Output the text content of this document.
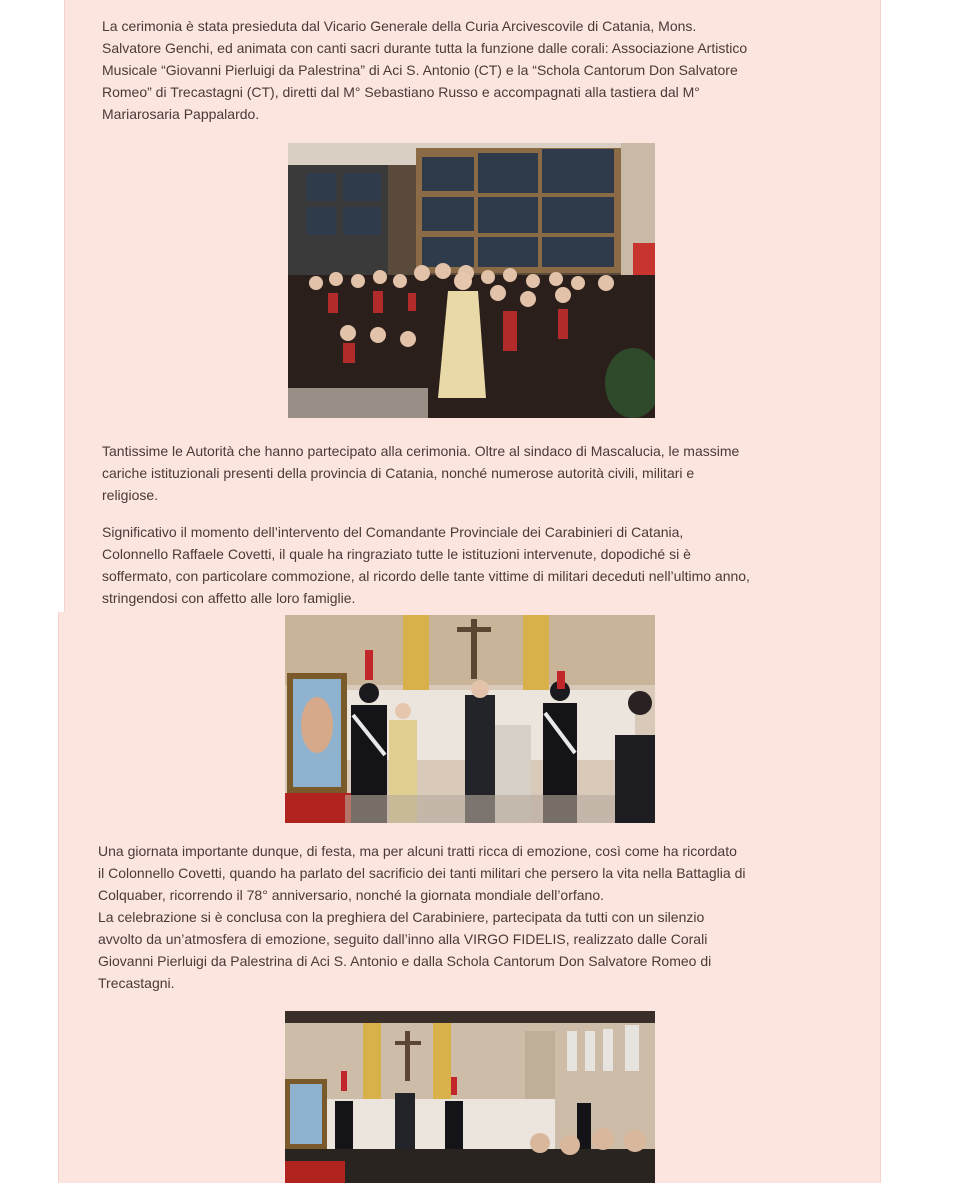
La cerimonia è stata presieduta dal Vicario Generale della Curia Arcivescovile di Catania, Mons.
Salvatore Genchi, ed animata con canti sacri durante tutta la funzione dalle corali: Associazione Artistico
Musicale “Giovanni Pierluigi da Palestrina” di Aci S. Antonio (CT) e la “Schola Cantorum Don Salvatore
Romeo” di Trecastagni (CT), diretti dal M° Sebastiano Russo e accompagnati alla tastiera dal M°
Mariarosaria Pappalardo.

Tantissime le Autorità che hanno partecipato alla cerimonia. Oltre al sindaco di Mascalucia, le massime
cariche istituzionali presenti della provincia di Catania, nonché numerose autorità civili, militari e
religiose.

Significativo il momento dell’intervento del Comandante Provinciale dei Carabinieri di Catania,
Colonnello Raffaele Covetti, il quale ha ringraziato tutte le istituzioni intervenute, dopodiché si è
soffermato, con particolare commozione, al ricordo delle tante vittime di militari deceduti nell’ultimo anno,
stringendosi con affetto alle loro famiglie.

Una giornata importante dunque, di festa, ma per alcuni tratti ricca di emozione, così come ha ricordato
il Colonnello Covetti, quando ha parlato del sacrificio dei tanti militari che persero la vita nella Battaglia di
Colquaber, ricorrendo il 78° anniversario, nonché la giornata mondiale dell’orfano.
La celebrazione si è conclusa con la preghiera del Carabiniere, partecipata da tutti con un silenzio
avvolto da un’atmosfera di emozione, seguito dall’inno alla VIRGO FIDELIS, realizzato dalle Corali
Giovanni Pierluigi da Palestrina di Aci S. Antonio e dalla Schola Cantorum Don Salvatore Romeo di
Trecastagni.
